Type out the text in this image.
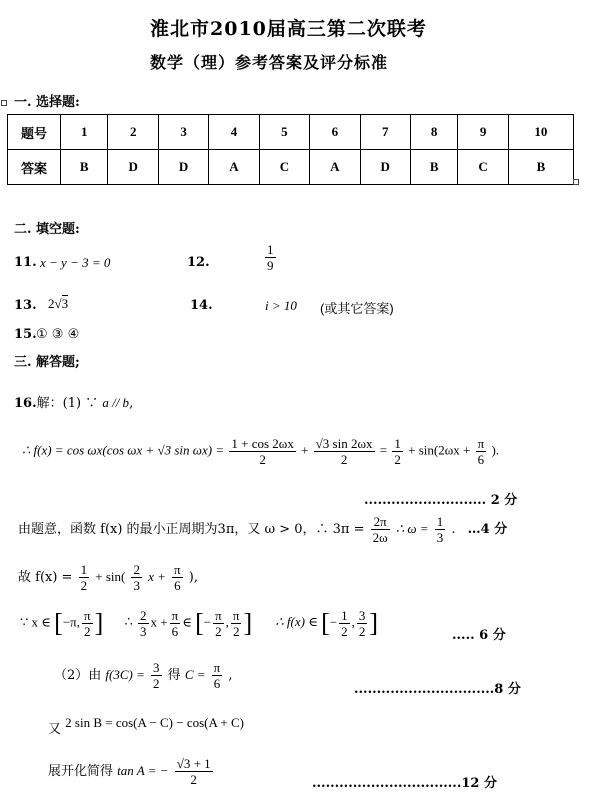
淮北市2010届高三第二次联考
数学（理）参考答案及评分标准
一. 选择题:
题号	1	2	3	4	5	6	7	8	9	10
答案	B	D	D	A	C	A	D	B	C	B
二. 填空题:
11. x − y − 3 = 0	12.	$\frac{1}{9}$
13. 2√3	14.	i > 10 (或其它答案)
15. ① ③ ④
三. 解答题;
16.解：(1) ∵ a // b,
∴ f(x) = cos ωx(cos ωx + √3 $\sin \omega x) = \frac{1 + \cos 2\omega x}{2} + \frac{√3 \sin 2\omega x}{2} = \frac{1}{2} + \sin(2\omega x + \frac{\pi}{6}$ ).
........................... 2 分
由题意，函数 f(x) 的最小正周期为3π，又 ω > 0，∴ $3\pi = \frac{2\pi}{2\omega}$ ∴ $\omega = \frac{1}{3}$ . …4 分
故 $f(x) = \frac{1}{2} + \sin( \frac{2}{3}$ $x + \frac{\pi}{6}$ ),
∵ x ∈ [−π, $\frac{\pi}{2}$ ] ∴ $\frac{2}{3}$ $x + \frac{\pi}{6}$ ∈ [− $\frac{\pi}{2}$ , $\frac{\pi}{2}$ ] ∴ f(x) ∈ [− $\frac{1}{2}$ , $\frac{3}{2}$ ]	..... 6 分
（2）由 $f(3C) = \frac{3}{2}$ 得 $C = \frac{\pi}{6}$ ,
...............................8 分
又 2 sin B = cos(A − C) − cos(A + C)
展开化简得 tan A = − $\frac{√3 + 1}{2}$	.................................12 分
